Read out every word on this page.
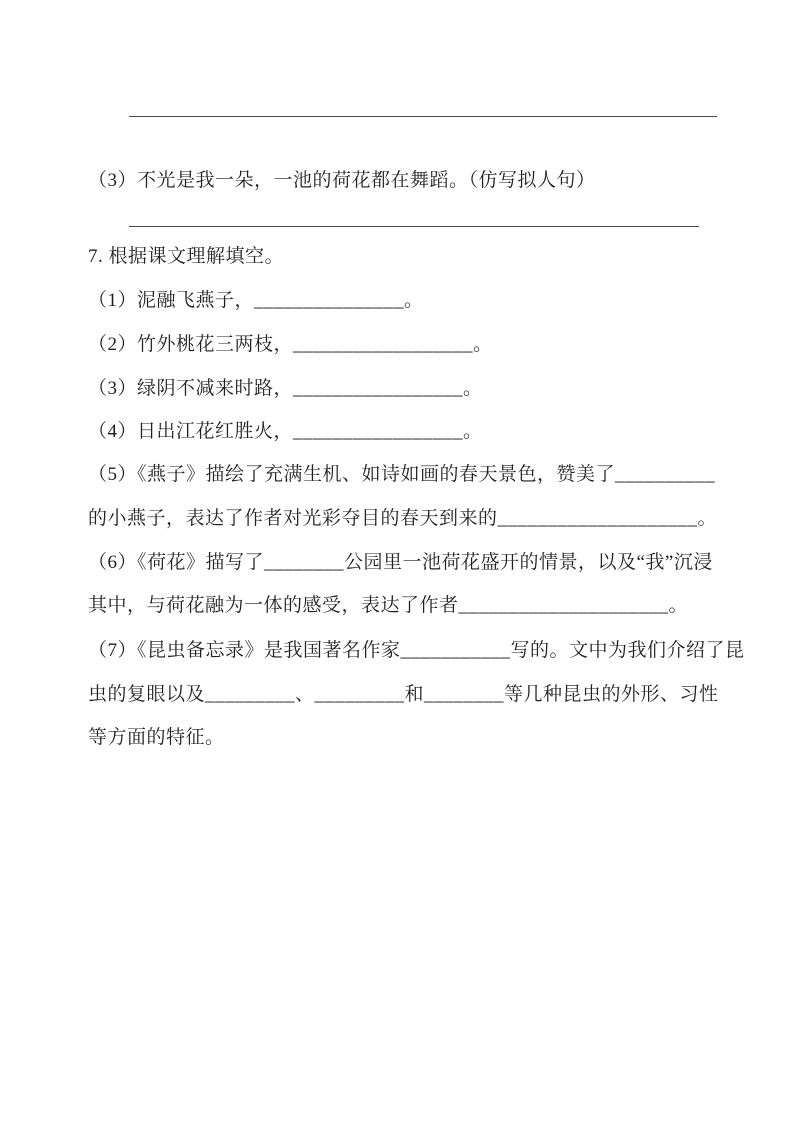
（3）不光是我一朵，一池的荷花都在舞蹈。（仿写拟人句）
7. 根据课文理解填空。
（1）泥融飞燕子，_______________。
（2）竹外桃花三两枝，__________________。
（3）绿阴不减来时路，_________________。
（4）日出江花红胜火，_________________。
（5）《燕子》描绘了充满生机、如诗如画的春天景色，赞美了__________
的小燕子，表达了作者对光彩夺目的春天到来的____________________。
（6）《荷花》描写了________公园里一池荷花盛开的情景，以及“我”沉浸
其中，与荷花融为一体的感受，表达了作者_____________________。
（7）《昆虫备忘录》是我国著名作家___________写的。文中为我们介绍了昆
虫的复眼以及_________、_________和________等几种昆虫的外形、习性
等方面的特征。
